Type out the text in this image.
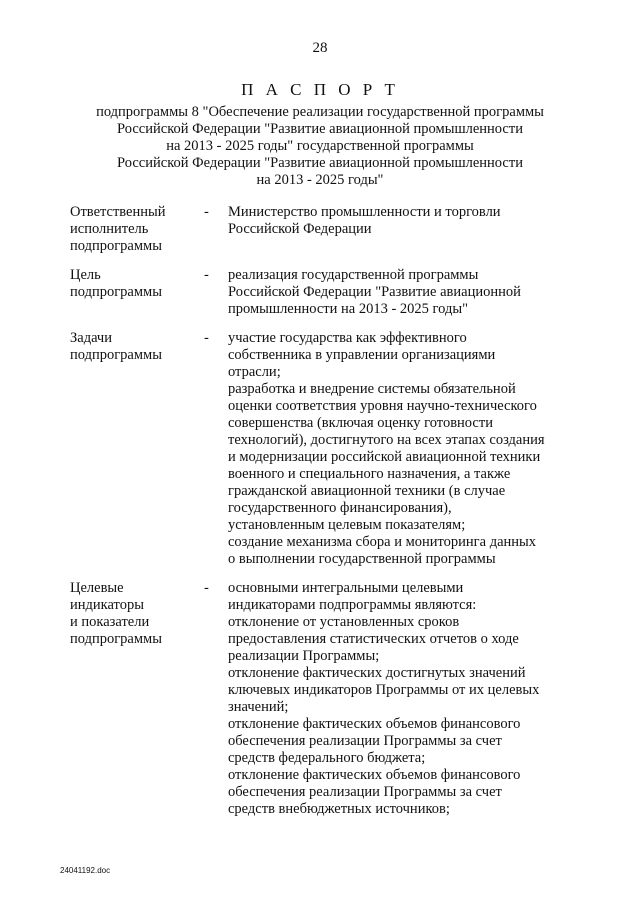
28
П А С П О Р Т
подпрограммы 8 "Обеспечение реализации государственной программы
Российской Федерации "Развитие авиационной промышленности
на 2013 - 2025 годы" государственной программы
Российской Федерации "Развитие авиационной промышленности
на 2013 - 2025 годы"
Ответственный
исполнитель
подпрограммы
-	Министерство промышленности и торговли
Российской Федерации
Цель
подпрограммы
-	реализация государственной программы
Российской Федерации "Развитие авиационной
промышленности на 2013 - 2025 годы"
Задачи
подпрограммы
-	участие государства как эффективного
собственника в управлении организациями
отрасли;
разработка и внедрение системы обязательной
оценки соответствия уровня научно-технического
совершенства (включая оценку готовности
технологий), достигнутого на всех этапах создания
и модернизации российской авиационной техники
военного и специального назначения, а также
гражданской авиационной техники (в случае
государственного финансирования),
установленным целевым показателям;
создание механизма сбора и мониторинга данных
о выполнении государственной программы
Целевые
индикаторы
и показатели
подпрограммы
-	основными интегральными целевыми
индикаторами подпрограммы являются:
отклонение от установленных сроков
предоставления статистических отчетов о ходе
реализации Программы;
отклонение фактических достигнутых значений
ключевых индикаторов Программы от их целевых
значений;
отклонение фактических объемов финансового
обеспечения реализации Программы за счет
средств федерального бюджета;
отклонение фактических объемов финансового
обеспечения реализации Программы за счет
средств внебюджетных источников;
24041192.doc
